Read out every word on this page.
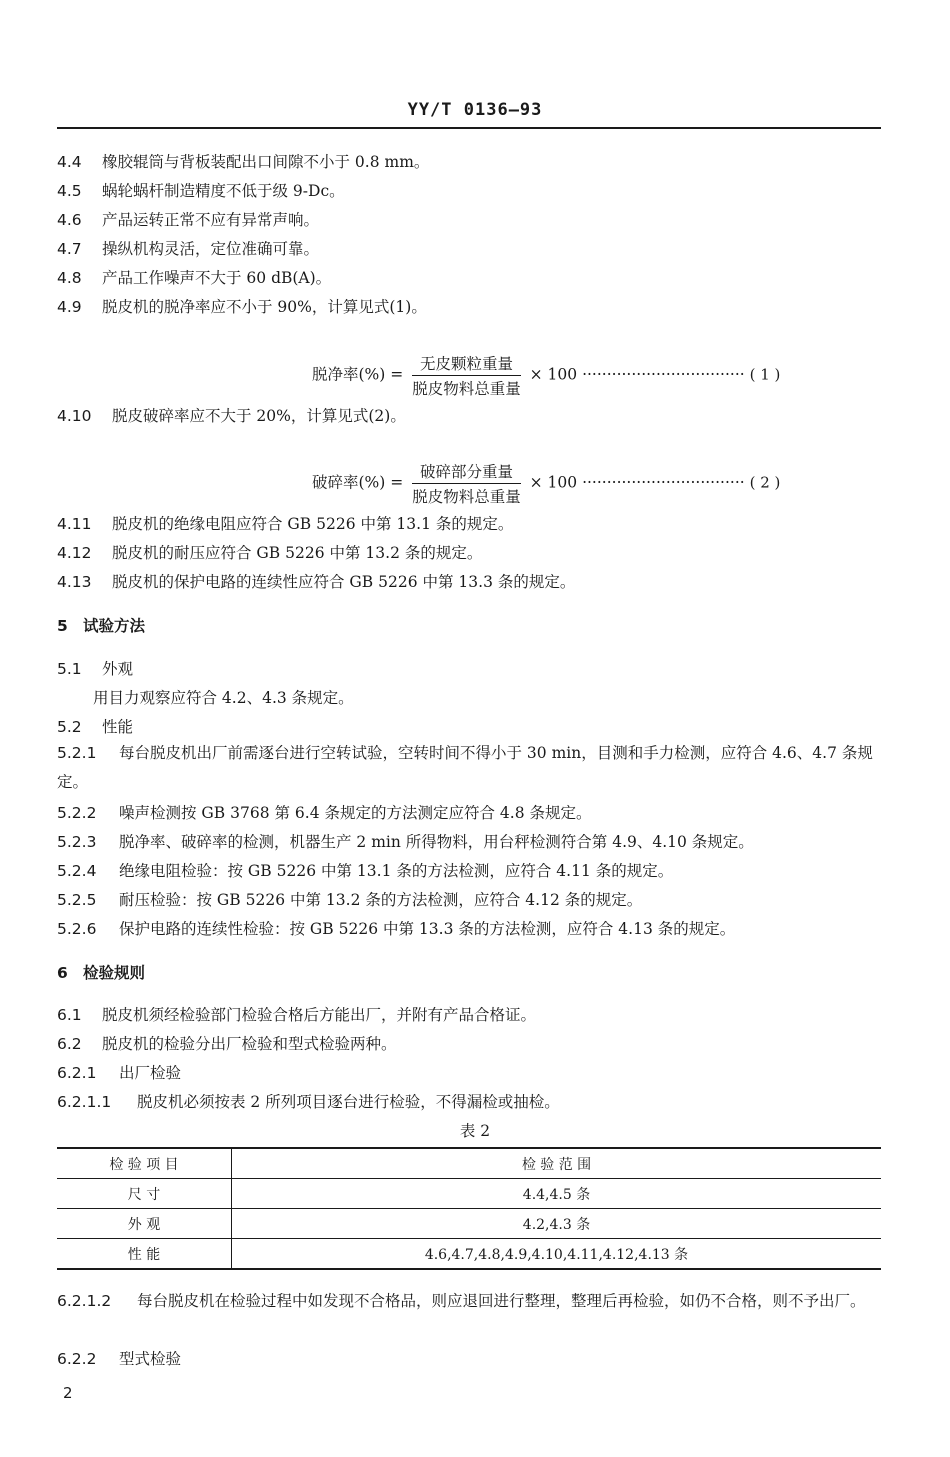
YY/T 0136—93
4.4 橡胶辊筒与背板装配出口间隙不小于 0.8 mm。
4.5 蜗轮蜗杆制造精度不低于级 9-Dc。
4.6 产品运转正常不应有异常声响。
4.7 操纵机构灵活，定位准确可靠。
4.8 产品工作噪声不大于 60 dB(A)。
4.9 脱皮机的脱净率应不小于 90%，计算见式(1)。
脱净率(%) = $\frac{\text{无皮颗粒重量}}{\text{脱皮物料总重量}} \times 100$ ································· ( 1 )
4.10 脱皮破碎率应不大于 20%，计算见式(2)。
破碎率(%) = $\frac{\text{破碎部分重量}}{\text{脱皮物料总重量}} \times 100$ ································· ( 2 )
4.11 脱皮机的绝缘电阻应符合 GB 5226 中第 13.1 条的规定。
4.12 脱皮机的耐压应符合 GB 5226 中第 13.2 条的规定。
4.13 脱皮机的保护电路的连续性应符合 GB 5226 中第 13.3 条的规定。
5 试验方法
5.1 外观
用目力观察应符合 4.2、4.3 条规定。
5.2 性能
5.2.1 每台脱皮机出厂前需逐台进行空转试验，空转时间不得小于 30 min，目测和手力检测，应符合 4.6、4.7 条规定。
5.2.2 噪声检测按 GB 3768 第 6.4 条规定的方法测定应符合 4.8 条规定。
5.2.3 脱净率、破碎率的检测，机器生产 2 min 所得物料，用台秤检测符合第 4.9、4.10 条规定。
5.2.4 绝缘电阻检验：按 GB 5226 中第 13.1 条的方法检测，应符合 4.11 条的规定。
5.2.5 耐压检验：按 GB 5226 中第 13.2 条的方法检测，应符合 4.12 条的规定。
5.2.6 保护电路的连续性检验：按 GB 5226 中第 13.3 条的方法检测，应符合 4.13 条的规定。
6 检验规则
6.1 脱皮机须经检验部门检验合格后方能出厂，并附有产品合格证。
6.2 脱皮机的检验分出厂检验和型式检验两种。
6.2.1 出厂检验
6.2.1.1 脱皮机必须按表 2 所列项目逐台进行检验，不得漏检或抽检。
表 2
检 验 项 目	检 验 范 围
尺 寸	4.4,4.5 条
外 观	4.2,4.3 条
性 能	4.6,4.7,4.8,4.9,4.10,4.11,4.12,4.13 条
6.2.1.2 每台脱皮机在检验过程中如发现不合格品，则应退回进行整理，整理后再检验，如仍不合格，则不予出厂。
6.2.2 型式检验
2
